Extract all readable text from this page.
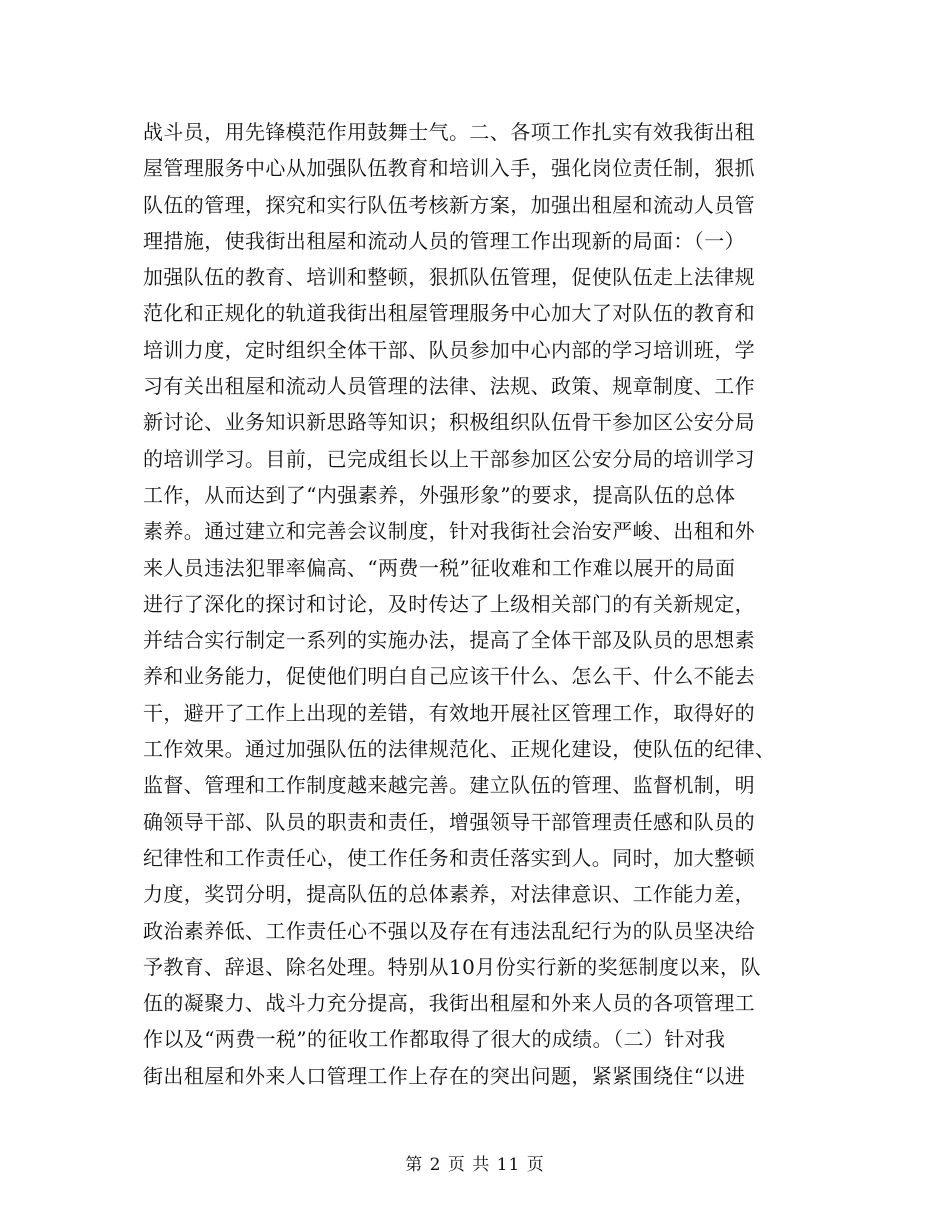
战斗员，用先锋模范作用鼓舞士气。二、各项工作扎实有效我街出租
屋管理服务中心从加强队伍教育和培训入手，强化岗位责任制，狠抓
队伍的管理，探究和实行队伍考核新方案，加强出租屋和流动人员管
理措施，使我街出租屋和流动人员的管理工作出现新的局面：（一）
加强队伍的教育、培训和整顿，狠抓队伍管理，促使队伍走上法律规
范化和正规化的轨道我街出租屋管理服务中心加大了对队伍的教育和
培训力度，定时组织全体干部、队员参加中心内部的学习培训班，学
习有关出租屋和流动人员管理的法律、法规、政策、规章制度、工作
新讨论、业务知识新思路等知识；积极组织队伍骨干参加区公安分局
的培训学习。目前，已完成组长以上干部参加区公安分局的培训学习
工作，从而达到了“内强素养，外强形象”的要求，提高队伍的总体
素养。通过建立和完善会议制度，针对我街社会治安严峻、出租和外
来人员违法犯罪率偏高、“两费一税”征收难和工作难以展开的局面
进行了深化的探讨和讨论，及时传达了上级相关部门的有关新规定，
并结合实行制定一系列的实施办法，提高了全体干部及队员的思想素
养和业务能力，促使他们明白自己应该干什么、怎么干、什么不能去
干，避开了工作上出现的差错，有效地开展社区管理工作，取得好的
工作效果。通过加强队伍的法律规范化、正规化建设，使队伍的纪律、
监督、管理和工作制度越来越完善。建立队伍的管理、监督机制，明
确领导干部、队员的职责和责任，增强领导干部管理责任感和队员的
纪律性和工作责任心，使工作任务和责任落实到人。同时，加大整顿
力度，奖罚分明，提高队伍的总体素养，对法律意识、工作能力差，
政治素养低、工作责任心不强以及存在有违法乱纪行为的队员坚决给
予教育、辞退、除名处理。特别从10月份实行新的奖惩制度以来，队
伍的凝聚力、战斗力充分提高，我街出租屋和外来人员的各项管理工
作以及“两费一税”的征收工作都取得了很大的成绩。（二）针对我
街出租屋和外来人口管理工作上存在的突出问题，紧紧围绕住“以进
第 2 页 共 11 页
